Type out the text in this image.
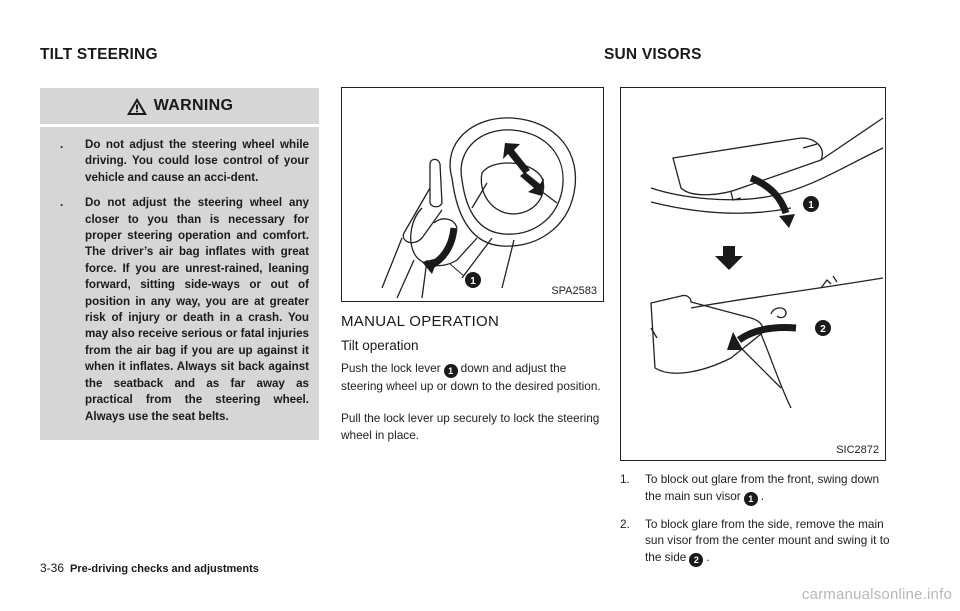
TILT STEERING	SUN VISORS
WARNING
. Do not adjust the steering wheel while driving. You could lose control of your vehicle and cause an acci-dent.
. Do not adjust the steering wheel any closer to you than is necessary for proper steering operation and comfort. The driver’s air bag inflates with great force. If you are unrest-rained, leaning forward, sitting side-ways or out of position in any way, you are at greater risk of injury or death in a crash. You may also receive serious or fatal injuries from the air bag if you are up against it when it inflates. Always sit back against the seatback and as far away as practical from the steering wheel. Always use the seat belts.
1
SPA2583
MANUAL OPERATION
Tilt operation
Push the lock lever 1 down and adjust the steering wheel up or down to the desired position.
Pull the lock lever up securely to lock the steering wheel in place.
1
2
SIC2872
1. To block out glare from the front, swing down the main sun visor 1 .
2. To block glare from the side, remove the main sun visor from the center mount and swing it to the side 2 .
3-36 Pre-driving checks and adjustments
carmanualsonline.info
